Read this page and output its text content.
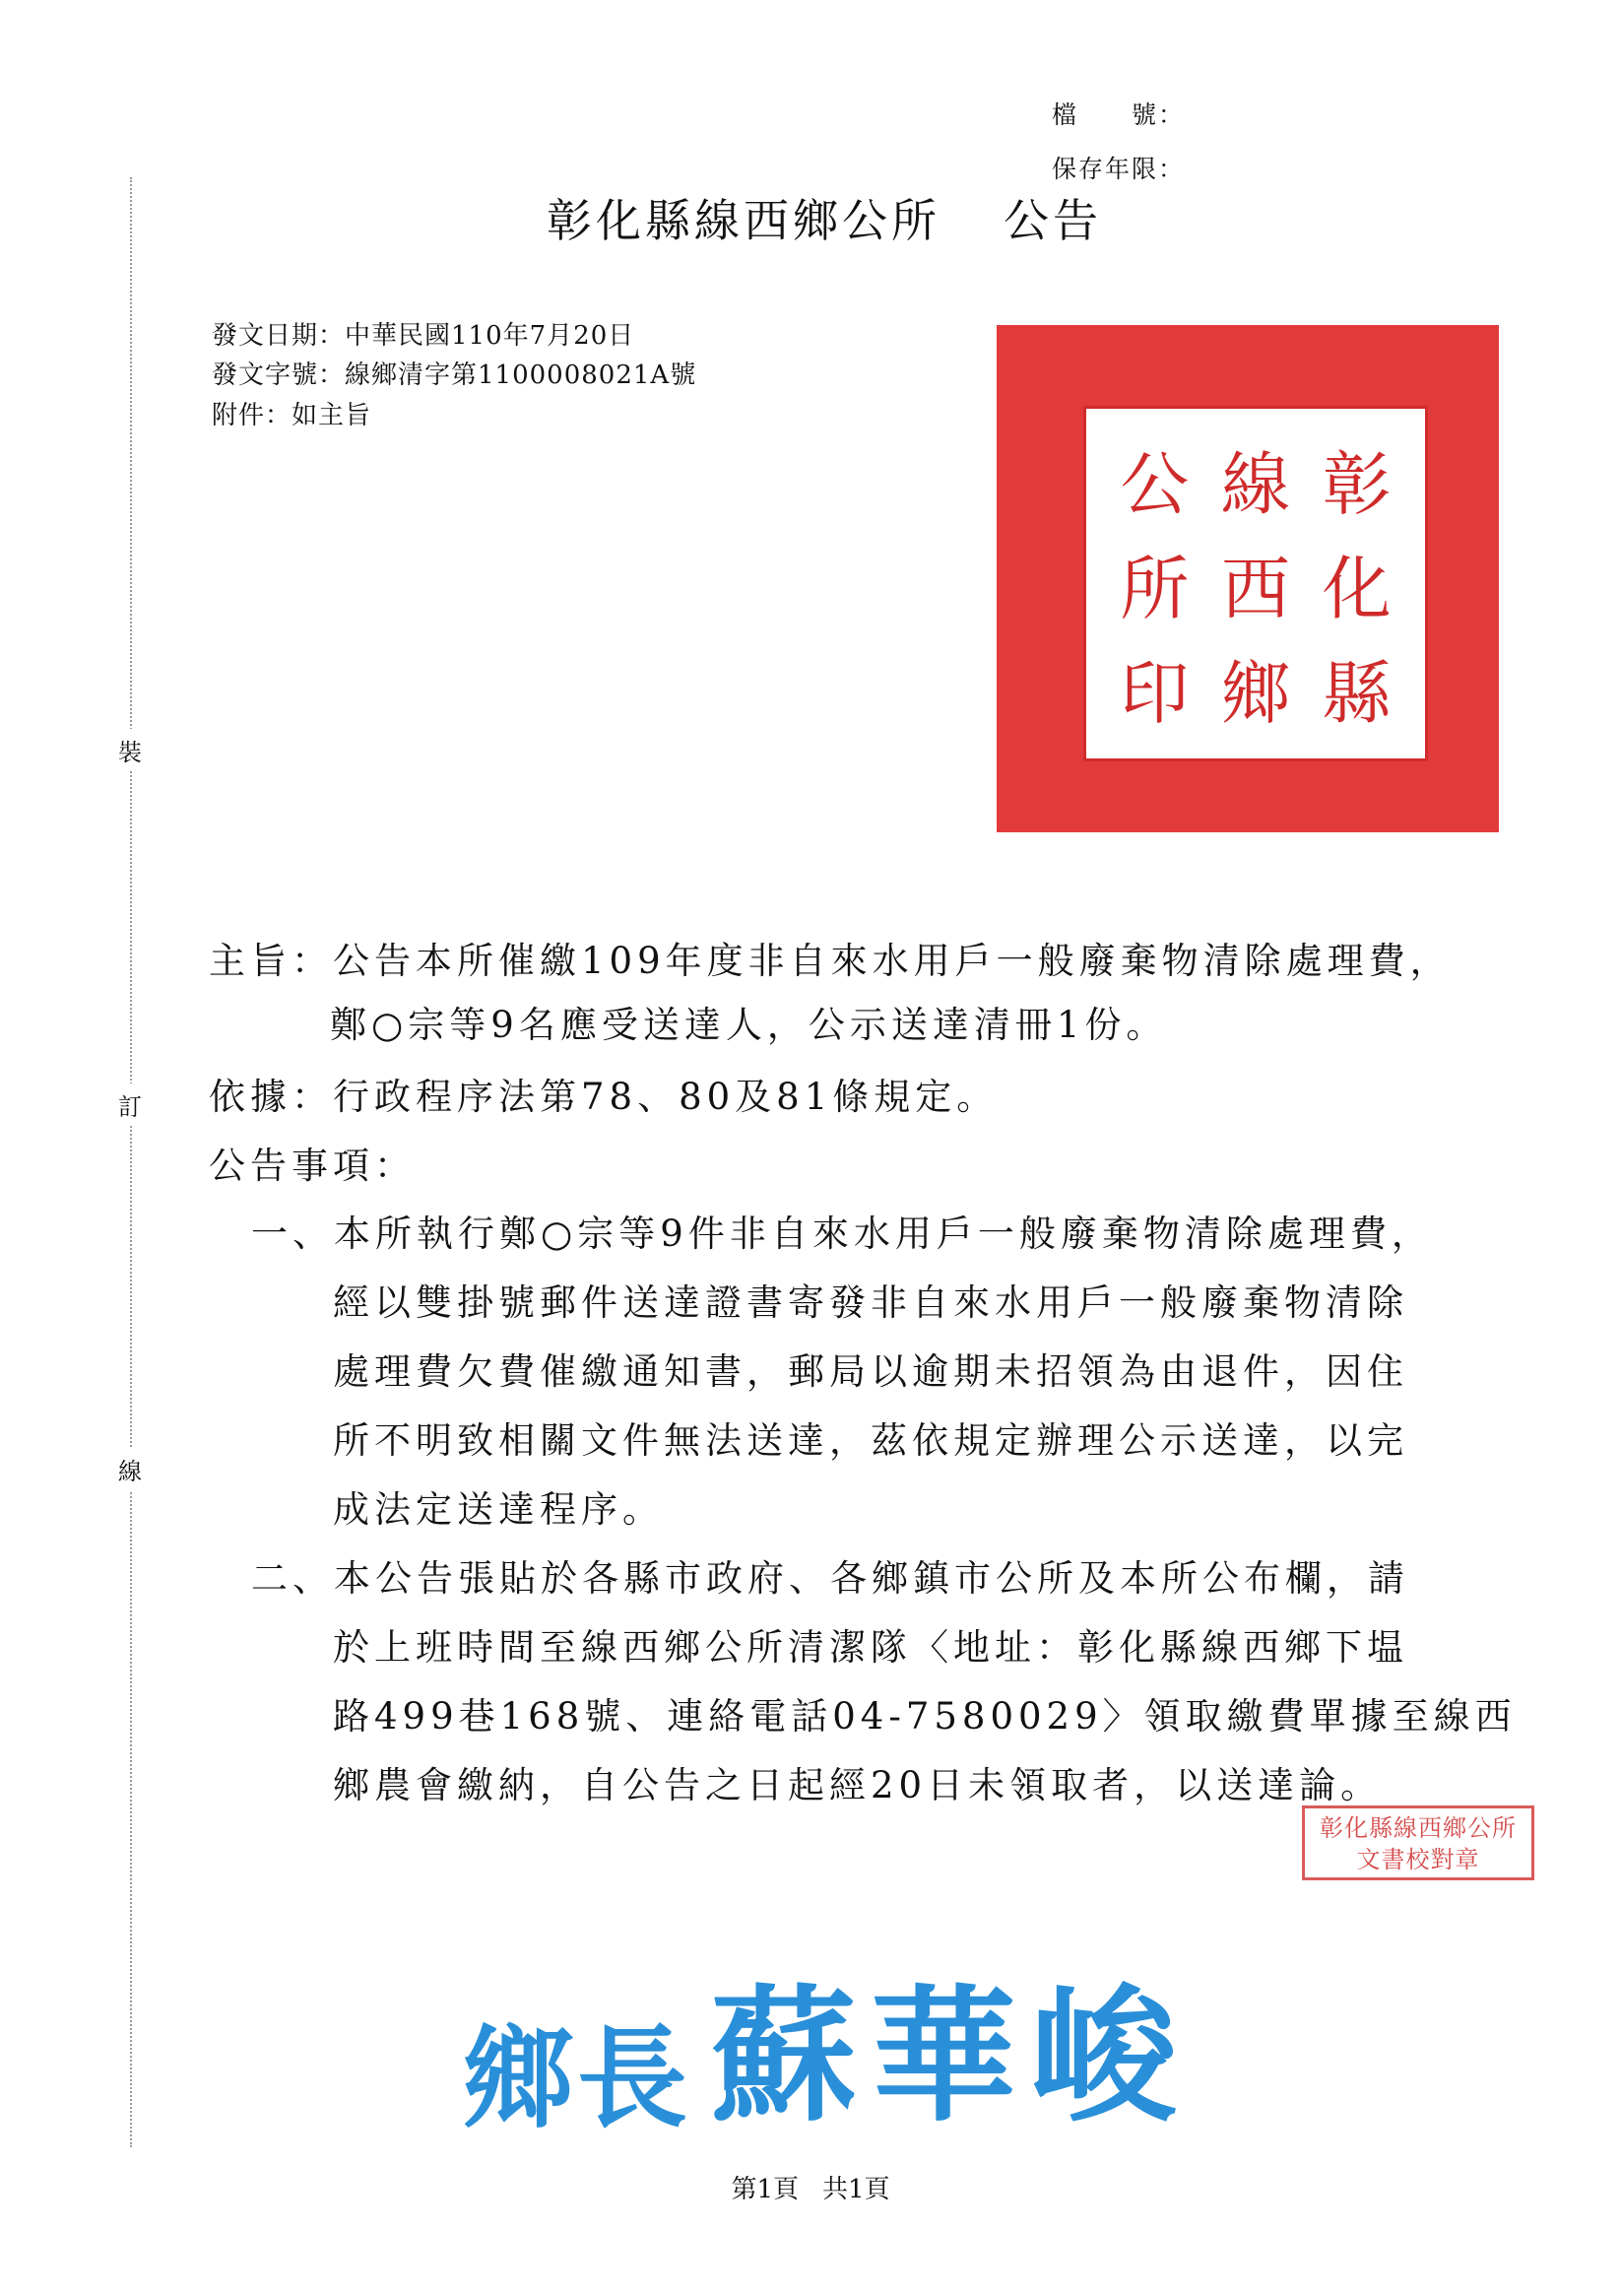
裝
訂
線
檔　　號：
保存年限：
彰化縣線西鄉公所 公告
發文日期：中華民國110年7月20日
發文字號：線鄉清字第1100008021A號
附件：如主旨
彰
化
縣
線
西
鄉
公
所
印
主旨：公告本所催繳109年度非自來水用戶一般廢棄物清除處理費，
鄭○宗等9名應受送達人，公示送達清冊1份。
依據：行政程序法第78、80及81條規定。
公告事項：
一、本所執行鄭○宗等9件非自來水用戶一般廢棄物清除處理費，
經以雙掛號郵件送達證書寄發非自來水用戶一般廢棄物清除
處理費欠費催繳通知書，郵局以逾期未招領為由退件，因住
所不明致相關文件無法送達，茲依規定辦理公示送達，以完
成法定送達程序。
二、本公告張貼於各縣市政府、各鄉鎮市公所及本所公布欄，請
於上班時間至線西鄉公所清潔隊〈地址：彰化縣線西鄉下塭
路499巷168號、連絡電話04-7580029〉領取繳費單據至線西
鄉農會繳納，自公告之日起經20日未領取者，以送達論。
彰化縣線西鄉公所
文書校對章
鄉長 蘇華峻
第1頁 共1頁
